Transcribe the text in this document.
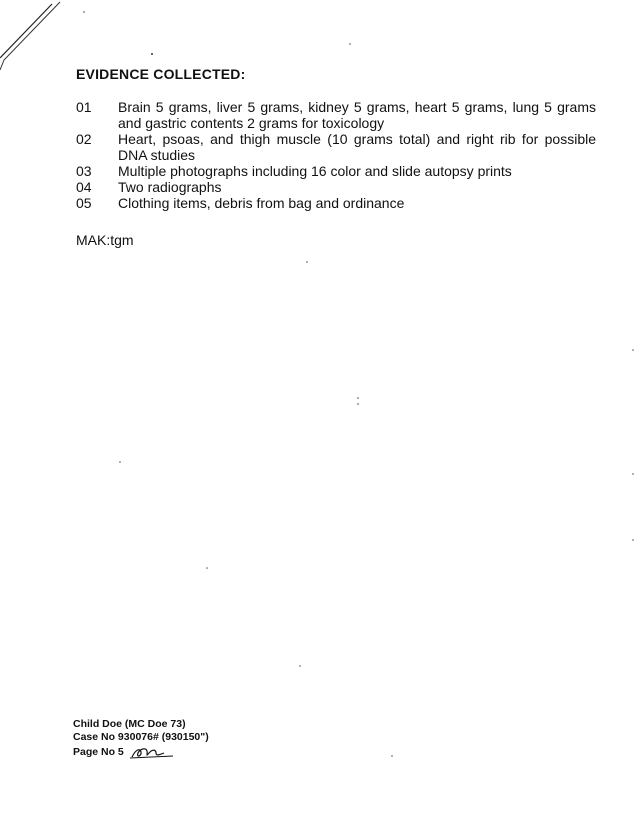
EVIDENCE COLLECTED:
01	Brain 5 grams, liver 5 grams, kidney 5 grams, heart 5 grams, lung 5 grams and gastric contents 2 grams for toxicology
02	Heart, psoas, and thigh muscle (10 grams total) and right rib for possible DNA studies
03	Multiple photographs including 16 color and slide autopsy prints
04	Two radiographs
05	Clothing items, debris from bag and ordinance
MAK:tgm
Child Doe (MC Doe 73)
Case No 930076# (930150")
Page No 5
